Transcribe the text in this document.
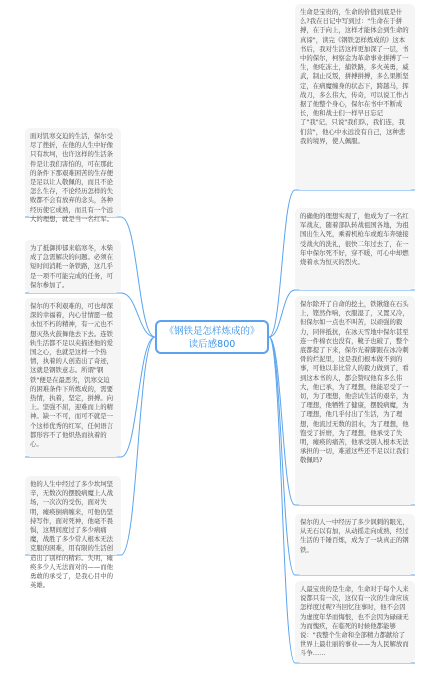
《钢铁是怎样炼成的》读后感800
面对饥寒交迫的生活，保尔受尽了挫折，在他的人生中好像只有坎坷，也许这样的生活条件是让我们害怕的，可在那此的条件下那艰难困苦的生存便是足以让人敬佩的，而且不论怎么生存，不论经历怎样的失败都不会有放弃的念头，各种经历使它成熟，而且有一个远大的理想，就是当一名红军。
为了抵御抑郁来临寒冬，木柴成了急需解决的问题。必须在短时间消耗一条铁路，这几乎是一项不可能完成的任务，可保尔参加了。
保尔的不利艰难的，可也却深深的幸福着，内心甘情愿一般永恒不朽的精神，有一元也不想灭热火鼓舞他去下去。连铁轨生活都不足以夹描述他的爱国之心，也就是这样一个热情，执着的人创造出了奇迹，这就是钢铁意志。所谓"钢铁"便是在最恶劣，饥寒交迫的困难条件下所炼成的，需要热情，执着，坚定，拼搏。向上。坚强不屈，迎难而上的精神。缺一不可，而可不就是一个这样优秀的红军，任何语言都形容不了他炽热而执着的心。
他的人生中经过了多少坎坷坚辛，无数次的摆脱病魔上人战场，一次次的受伤，面对失明，瘫痪倒病缠来，可他仍坚持写作，面对死神，他毫不畏惧，这期间度过了多少病痛魔，战胜了多少常人根本无法克服的困难，用有限的生活创造出了别样的精彩。失明，瘫痪多少人无法面对的——而他勇敢的承受了，是我心目中的英雄。
生命是宝贵的，生命的价值到底是什么?我在日记中写到过："生命在于拼搏，在于向上，这样才能体会到生命的真谛"，读完《钢铁怎样炼成的》这本书后，我对生活这样更加深了一层，书中的保尔，柯察金为革命事业拼搏了一生，他吃冻土，捕铁路，多火英勇，威武，制止反叛，拼搏拼搏，多么果断坚定，在病魔缠身的状态下，跨越马，挥战刀，多么伟大，传奇，可以说工作占据了他整个身心，保尔在书中不断成长，他和战士们一样早日忘记了"我"记，只说"我们队，我们连，我们营"，他心中永远没有自己，这种悲我的境界，使人佩服。
的确他的理想实现了，他成为了一名红军战友，随着部队转战祖国各地，为祖国出生入死，乘着机枪车或炮车奔驰接受战火的洗礼，很快二年过去了，在一年中保尔死不好，穿不暖，可心中却燃烧着永为恒灭的烈火。
保尔除开了自命的挖土，铁锹缝在石头上，铿然作响，衣服湿了，又置又冷，但保尔如一点也不叫苦，以顽强的毅力，同伴抵抗，在冰天雪地中保尔甚至连一件棉衣也没有，靴子也破了，整个底都提了下来，保尔光着脚跟在冰冷刺骨的烂泥里，这是我们根本做不到的事，可他以非比常人的毅力做到了，看到这本书的人，都会赞叹他有多么伟大，他已承，为了理想，他能忍受了一切，为了理想，他尝试生活的艰辛，为了理想，他牺牲了健康，摆脱病魔，为了理想，他几乎付出了生活，为了理想，他流过无数的泪水，为了理想，他饱受了折磨，为了理想，他承受了失明，瘫痪的痛苦，他承受别人根本无法承担的一切，难道这些还不足以让我们敬佩吗?
保尔的人一中经历了多少讽刺的眼光，从无石以有加，从动摇走向成熟，经过生活的千锤百炼，成为了一块真正的钢铁。
人最宝贵的是生命，生命对于每个人来说都只有一次，这仅有一次的生命应该怎样度过呢?当回忆往事时，他不会因为虚度年华而悔恨，也不会因为碌碌无为而愧疚，在临死的时候他都能够说："我整个生命和全部精力都献给了世界上最壮丽的事业——为人民解放而斗争……
